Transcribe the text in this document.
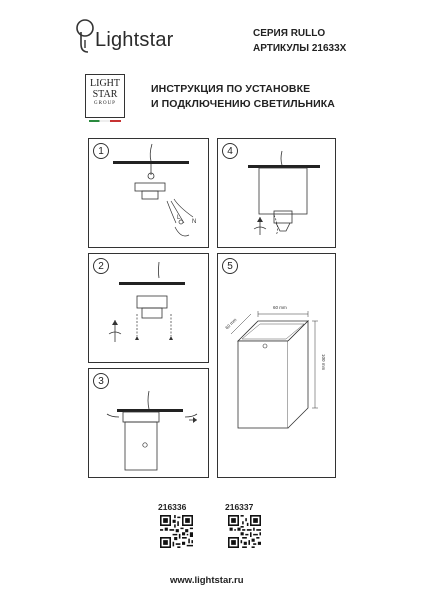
Lightstar	СЕРИЯ RULLO
АРТИКУЛЫ 21633X
LIGHT
STAR
GROUP
ИНСТРУКЦИЯ ПО УСТАНОВКЕ
И ПОДКЛЮЧЕНИЮ СВЕТИЛЬНИКА
1
L
N
2
3
4
5
60 mm
60 mm
100 mm
216336	216337
www.lightstar.ru
